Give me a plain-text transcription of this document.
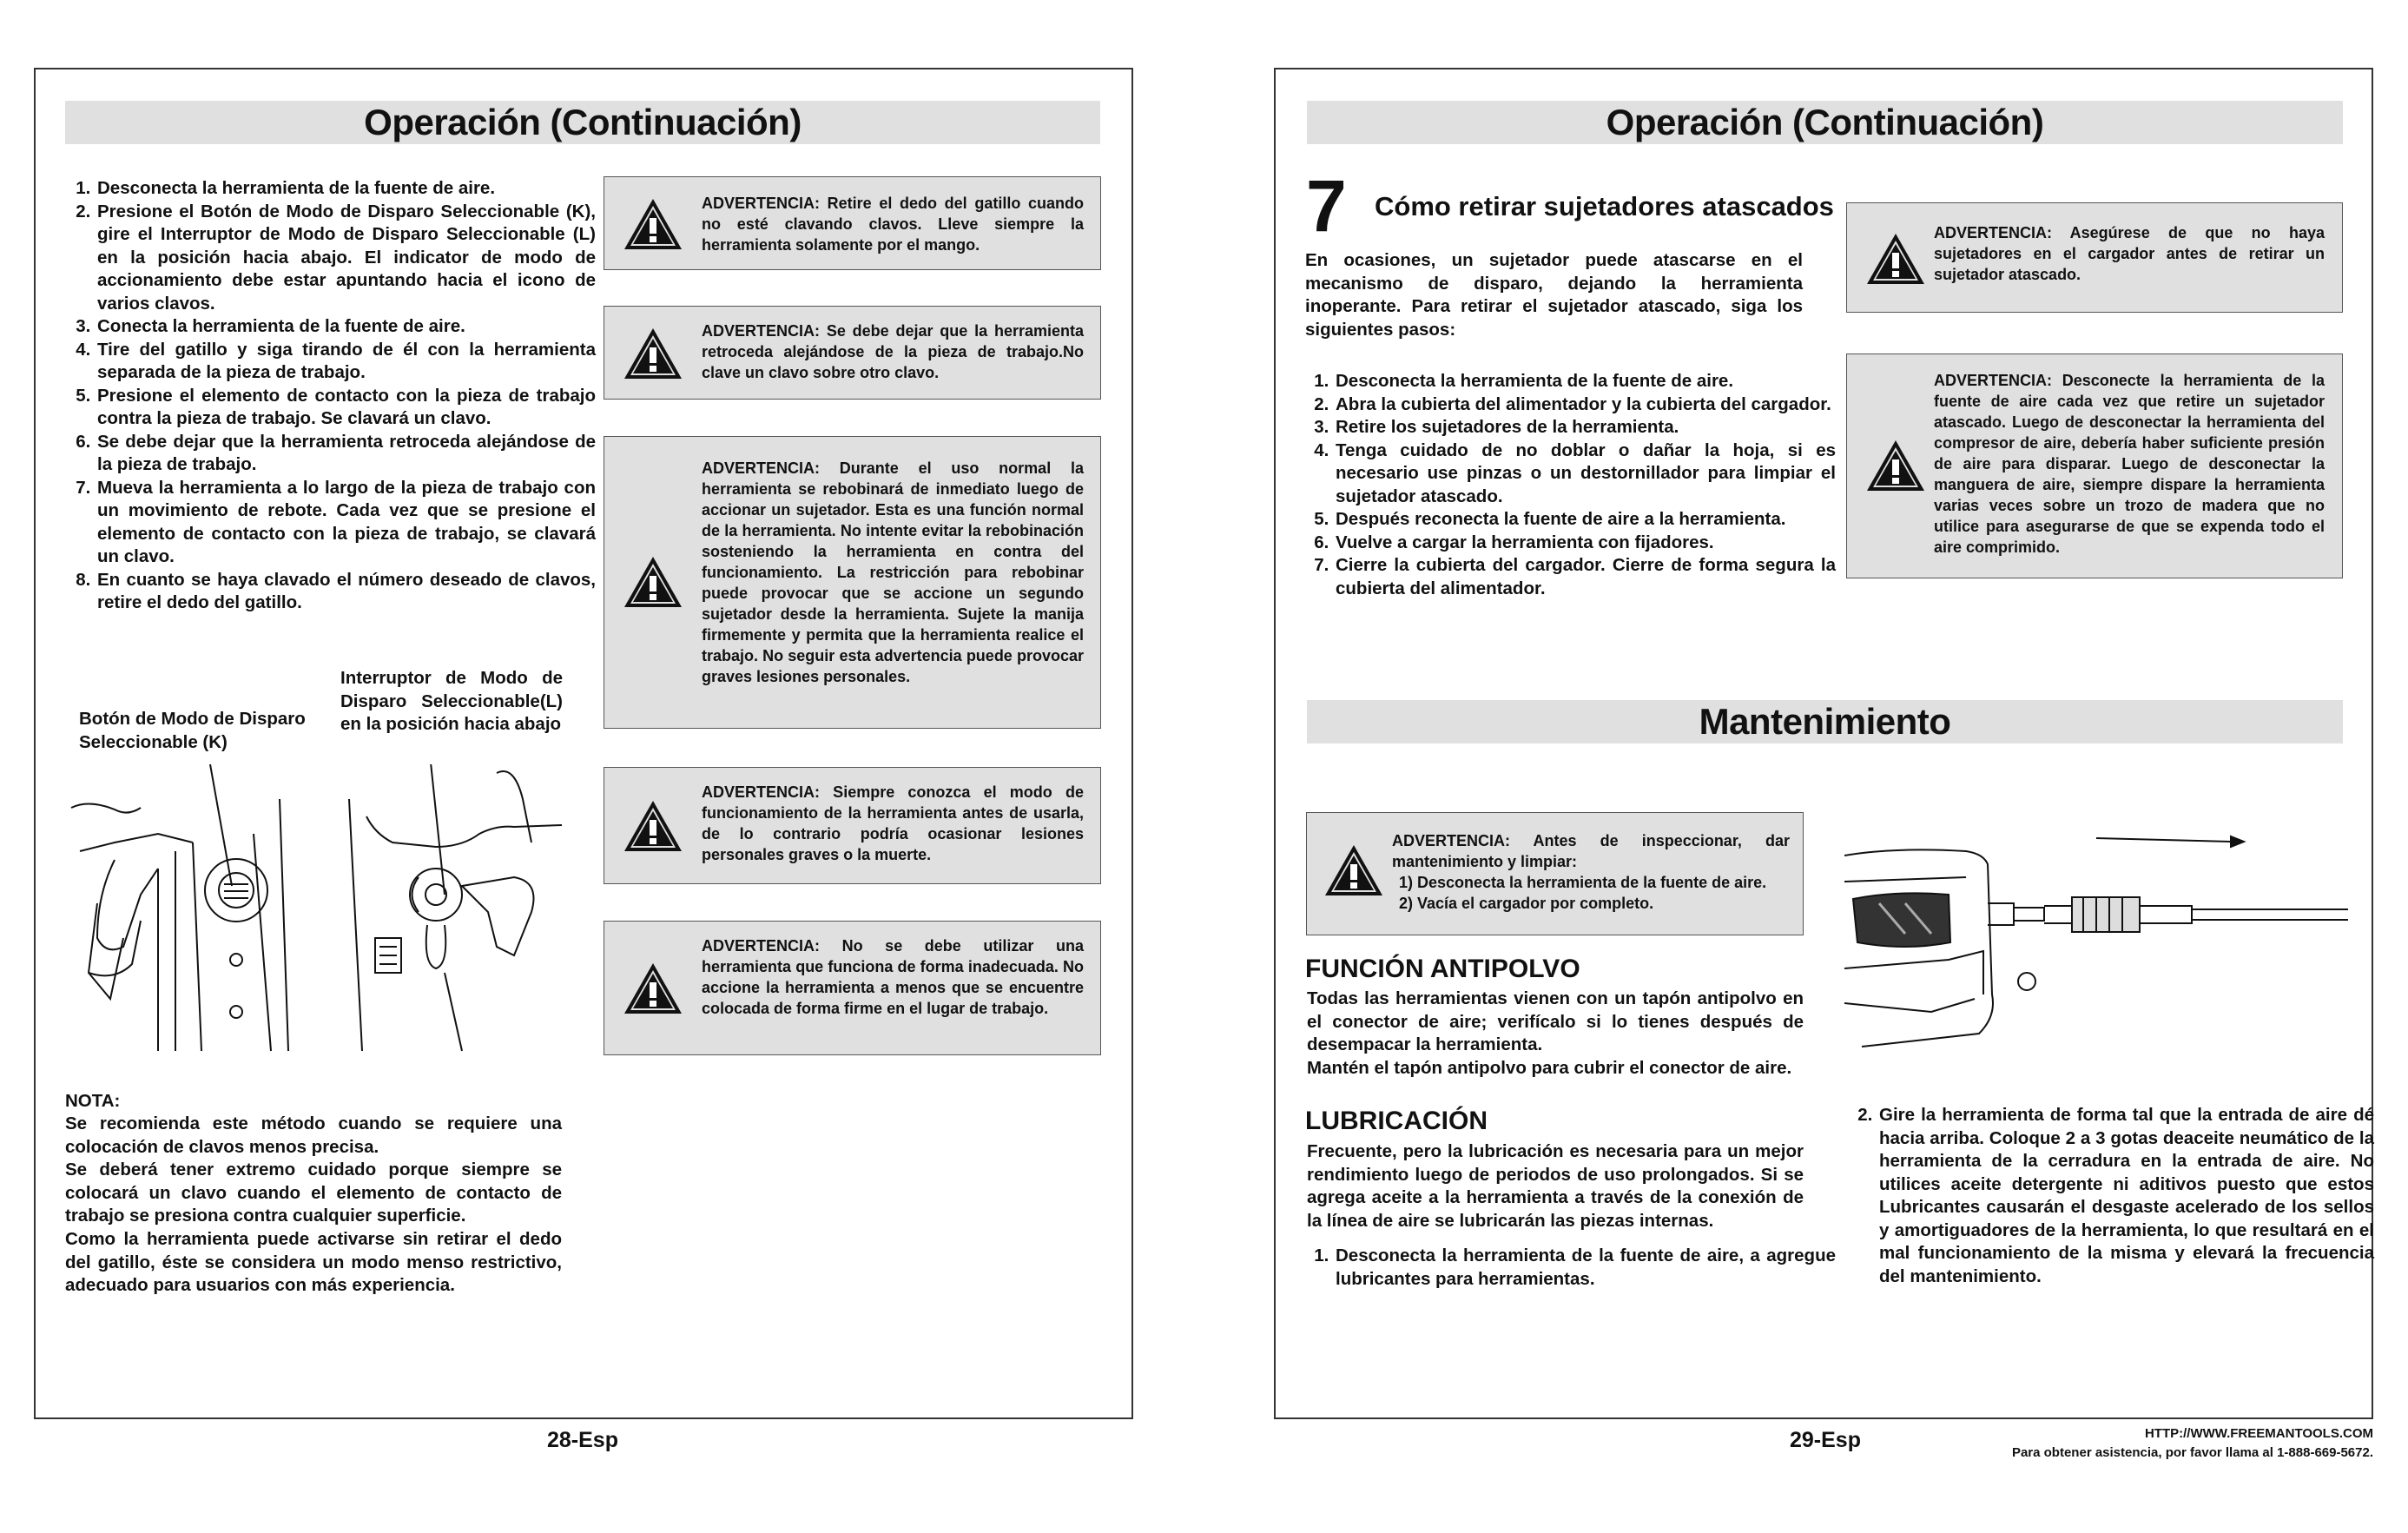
Operación (Continuación)
1. Desconecta la herramienta de la fuente de aire.
2. Presione el Botón de Modo de Disparo Seleccionable (K), gire el Interruptor de Modo de Disparo Seleccionable (L) en la posición hacia abajo. El indicator de modo de accionamiento debe estar apuntando hacia el icono de varios clavos.
3. Conecta la herramienta de la fuente de aire.
4. Tire del gatillo y siga tirando de él con la herramienta separada de la pieza de trabajo.
5. Presione el elemento de contacto con la pieza de trabajo contra la pieza de trabajo. Se clavará un clavo.
6. Se debe dejar que la herramienta retroceda alejándose de la pieza de trabajo.
7. Mueva la herramienta a lo largo de la pieza de trabajo con un movimiento de rebote. Cada vez que se presione el elemento de contacto con la pieza de trabajo, se clavará un clavo.
8. En cuanto se haya clavado el número deseado de clavos, retire el dedo del gatillo.
Botón de Modo de Disparo Seleccionable (K)
Interruptor de Modo de Disparo Seleccionable(L) en la posición hacia abajo
NOTA:
Se recomienda este método cuando se requiere una colocación de clavos menos precisa.
Se deberá tener extremo cuidado porque siempre se colocará un clavo cuando el elemento de contacto de trabajo se presiona contra cualquier superficie.
Como la herramienta puede activarse sin retirar el dedo del gatillo, éste se considera un modo menso restrictivo, adecuado para usuarios con más experiencia.
ADVERTENCIA: Retire el dedo del gatillo cuando no esté clavando clavos. Lleve siempre la herramienta solamente por el mango.
ADVERTENCIA: Se debe dejar que la herramienta retroceda alejándose de la pieza de trabajo.No clave un clavo sobre otro clavo.
ADVERTENCIA: Durante el uso normal la herramienta se rebobinará de inmediato luego de accionar un sujetador. Esta es una función normal de la herramienta. No intente evitar la rebobinación sosteniendo la herramienta en contra del funcionamiento. La restricción para rebobinar puede provocar que se accione un segundo sujetador desde la herramienta. Sujete la manija firmemente y permita que la herramienta realice el trabajo. No seguir esta advertencia puede provocar graves lesiones personales.
ADVERTENCIA: Siempre conozca el modo de funcionamiento de la herramienta antes de usarla, de lo contrario podría ocasionar lesiones personales graves o la muerte.
ADVERTENCIA: No se debe utilizar una herramienta que funciona de forma inadecuada. No accione la herramienta a menos que se encuentre colocada de forma firme en el lugar de trabajo.
28-Esp
Operación (Continuación)
7 Cómo retirar sujetadores atascados
En ocasiones, un sujetador puede atascarse en el mecanismo de disparo, dejando la herramienta inoperante. Para retirar el sujetador atascado, siga los siguientes pasos:
1. Desconecta la herramienta de la fuente de aire.
2. Abra la cubierta del alimentador y la cubierta del cargador.
3. Retire los sujetadores de la herramienta.
4. Tenga cuidado de no doblar o dañar la hoja, si es necesario use pinzas o un destornillador para limpiar el sujetador atascado.
5. Después reconecta la fuente de aire a la herramienta.
6. Vuelve a cargar la herramienta con fijadores.
7. Cierre la cubierta del cargador. Cierre de forma segura la cubierta del alimentador.
ADVERTENCIA: Asegúrese de que no haya sujetadores en el cargador antes de retirar un sujetador atascado.
ADVERTENCIA: Desconecte la herramienta de la fuente de aire cada vez que retire un sujetador atascado. Luego de desconectar la herramienta del compresor de aire, debería haber suficiente presión de aire para disparar. Luego de desconectar la manguera de aire, siempre dispare la herramienta varias veces sobre un trozo de madera que no utilice para asegurarse de que se expenda todo el aire comprimido.
Mantenimiento
ADVERTENCIA: Antes de inspeccionar, dar mantenimiento y limpiar:
1) Desconecta la herramienta de la fuente de aire.
2) Vacía el cargador por completo.
FUNCIÓN ANTIPOLVO
Todas las herramientas vienen con un tapón antipolvo en el conector de aire; verifícalo si lo tienes después de desempacar la herramienta.
Mantén el tapón antipolvo para cubrir el conector de aire.
LUBRICACIÓN
Frecuente, pero la lubricación es necesaria para un mejor rendimiento luego de periodos de uso prolongados. Si se agrega aceite a la herramienta a través de la conexión de la línea de aire se lubricarán las piezas internas.
1. Desconecta la herramienta de la fuente de aire, a agregue lubricantes para herramientas.
2. Gire la herramienta de forma tal que la entrada de aire dé hacia arriba. Coloque 2 a 3 gotas deaceite neumático de la herramienta de la cerradura en la entrada de aire. No utilices aceite detergente ni aditivos puesto que estos Lubricantes causarán el desgaste acelerado de los sellos y amortiguadores de la herramienta, lo que resultará en el mal funcionamiento de la misma y elevará la frecuencia del mantenimiento.
29-Esp	HTTP://WWW.FREEMANTOOLS.COM
Para obtener asistencia, por favor llama al 1-888-669-5672.
